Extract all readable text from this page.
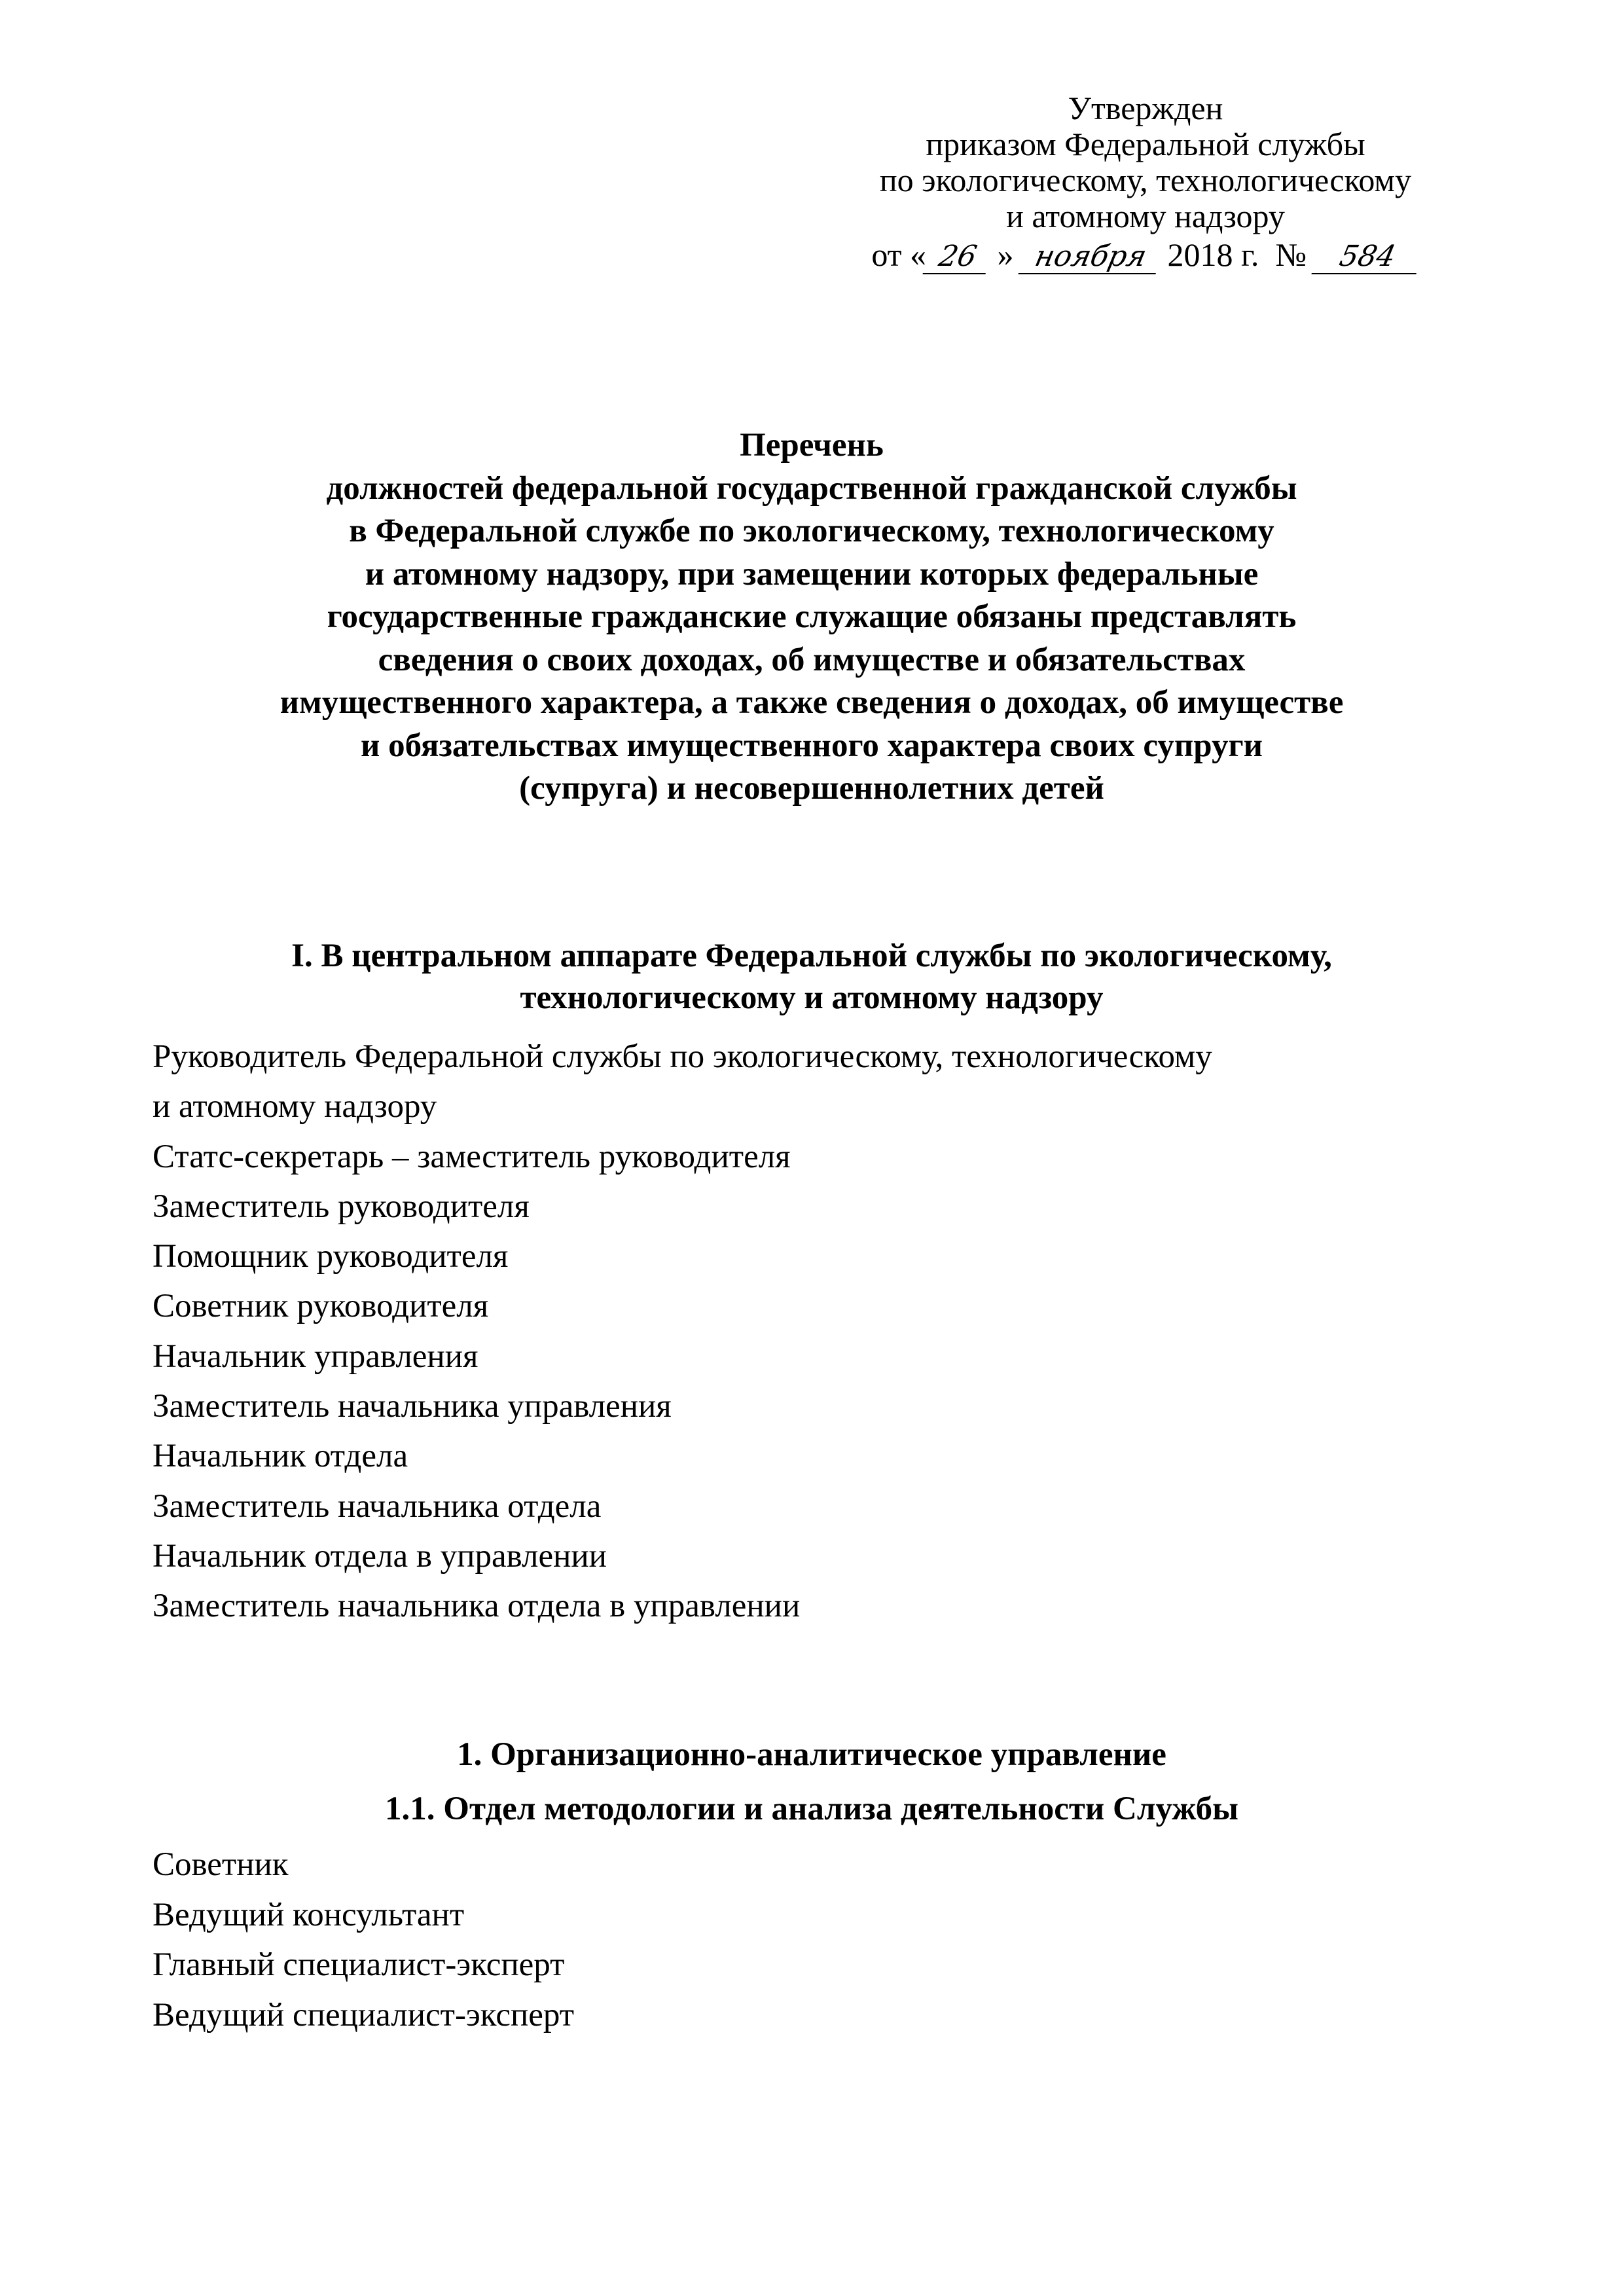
Утвержден
приказом Федеральной службы
по экологическому, технологическому
и атомному надзору
от « 26 » ноября 2018 г. № 584
Перечень
должностей федеральной государственной гражданской службы
в Федеральной службе по экологическому, технологическому
и атомному надзору, при замещении которых федеральные
государственные гражданские служащие обязаны представлять
сведения о своих доходах, об имуществе и обязательствах
имущественного характера, а также сведения о доходах, об имуществе
и обязательствах имущественного характера своих супруги
(супруга) и несовершеннолетних детей
I. В центральном аппарате Федеральной службы по экологическому,
технологическому и атомному надзору
Руководитель Федеральной службы по экологическому, технологическому
и атомному надзору
Статс-секретарь – заместитель руководителя
Заместитель руководителя
Помощник руководителя
Советник руководителя
Начальник управления
Заместитель начальника управления
Начальник отдела
Заместитель начальника отдела
Начальник отдела в управлении
Заместитель начальника отдела в управлении
1. Организационно-аналитическое управление
1.1. Отдел методологии и анализа деятельности Службы
Советник
Ведущий консультант
Главный специалист-эксперт
Ведущий специалист-эксперт
